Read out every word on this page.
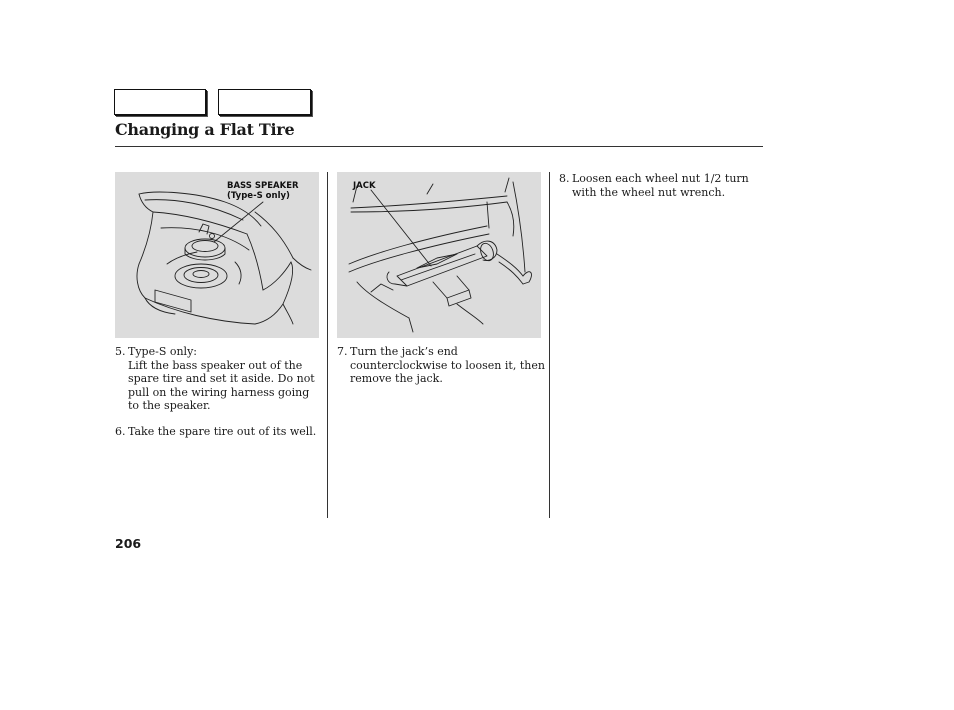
Changing a Flat Tire
BASS SPEAKER
(Type-S only)
JACK
5. Type-S only:
Lift the bass speaker out of the spare tire and set it aside. Do not pull on the wiring harness going to the speaker.
6. Take the spare tire out of its well.
7. Turn the jack’s end counterclockwise to loosen it, then remove the jack.
8. Loosen each wheel nut 1/2 turn with the wheel nut wrench.
206
